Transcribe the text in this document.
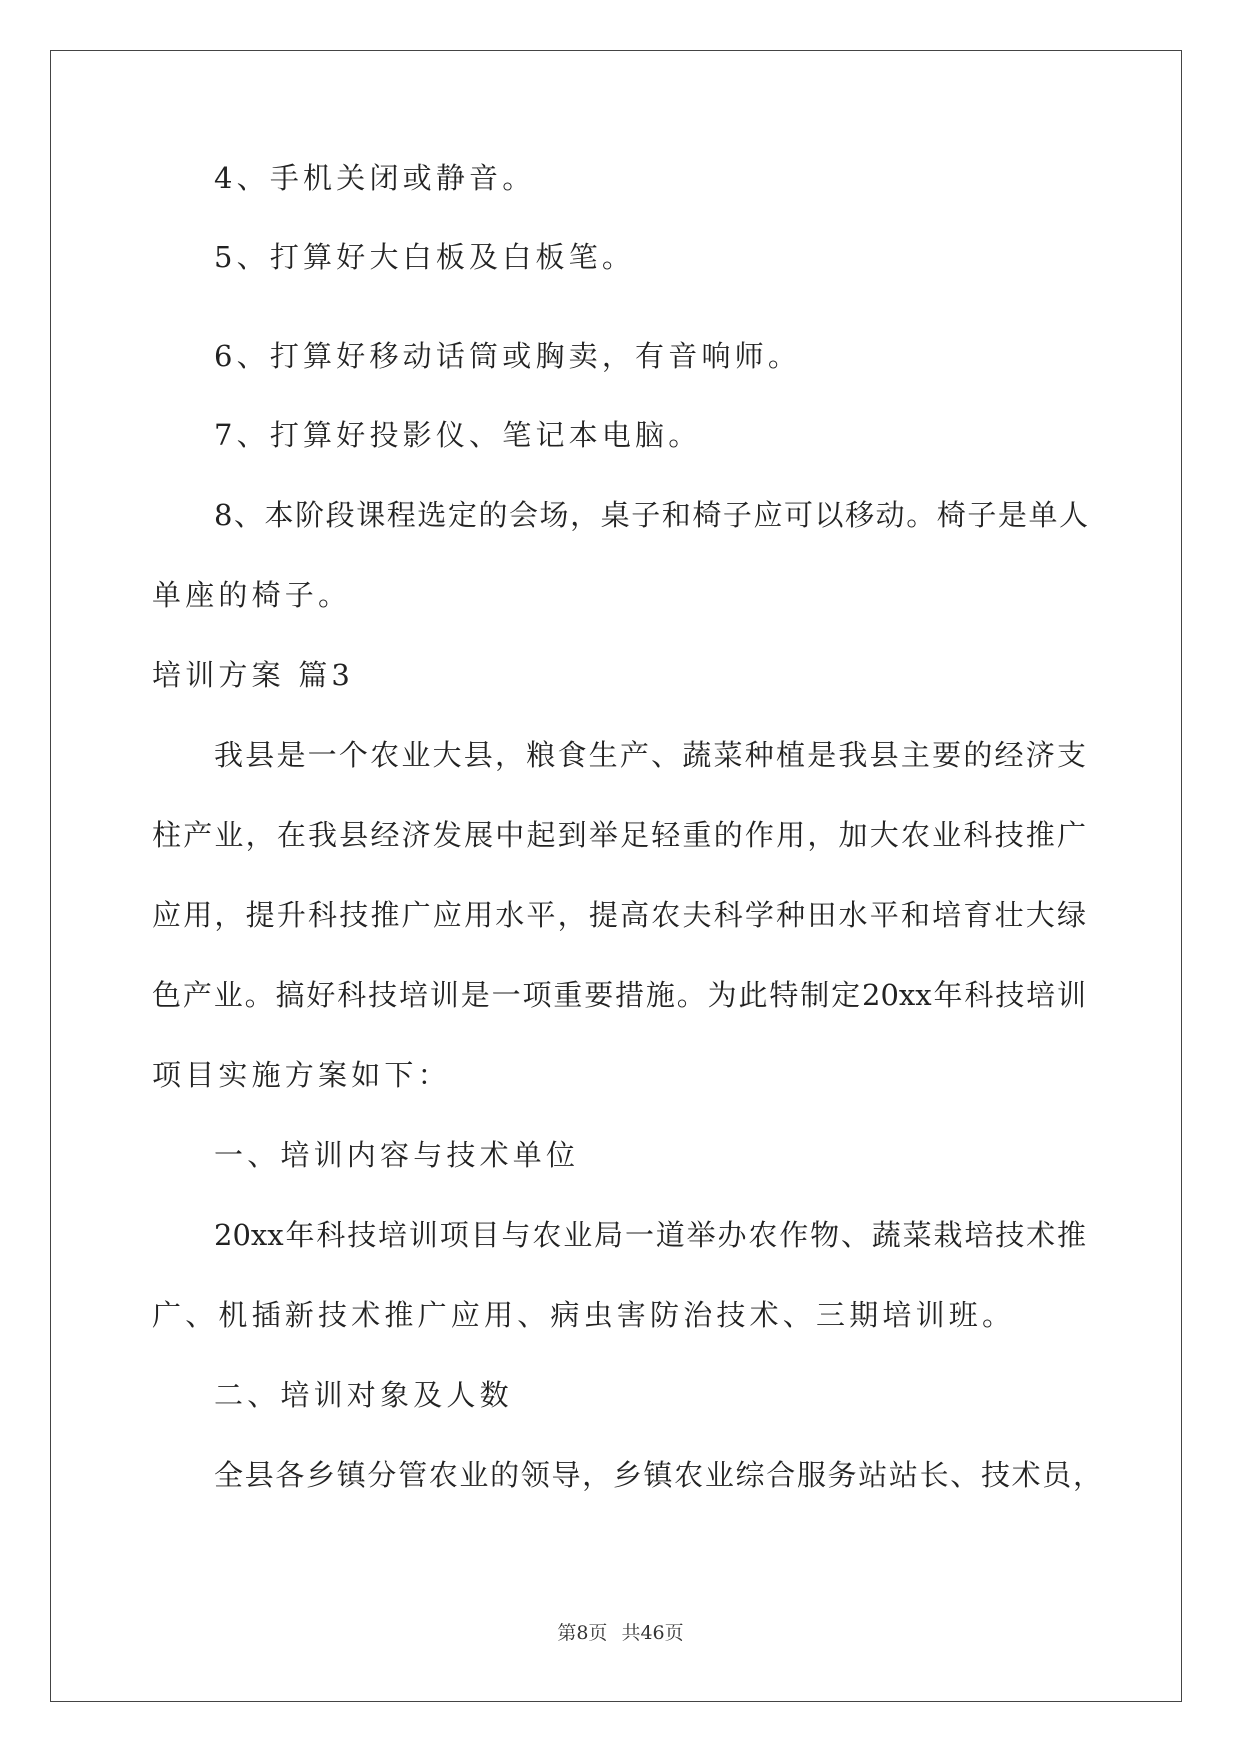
4、手机关闭或静音。
5、打算好大白板及白板笔。
6、打算好移动话筒或胸卖，有音响师。
7、打算好投影仪、笔记本电脑。
8、本阶段课程选定的会场，桌子和椅子应可以移动。椅子是单人
单座的椅子。
培训方案 篇3
我县是一个农业大县，粮食生产、蔬菜种植是我县主要的经济支
柱产业，在我县经济发展中起到举足轻重的作用，加大农业科技推广
应用，提升科技推广应用水平，提高农夫科学种田水平和培育壮大绿
色产业。搞好科技培训是一项重要措施。为此特制定20xx年科技培训
项目实施方案如下：
一、培训内容与技术单位
20xx年科技培训项目与农业局一道举办农作物、蔬菜栽培技术推
广、机插新技术推广应用、病虫害防治技术、三期培训班。
二、培训对象及人数
全县各乡镇分管农业的领导，乡镇农业综合服务站站长、技术员，
第8页 共46页
